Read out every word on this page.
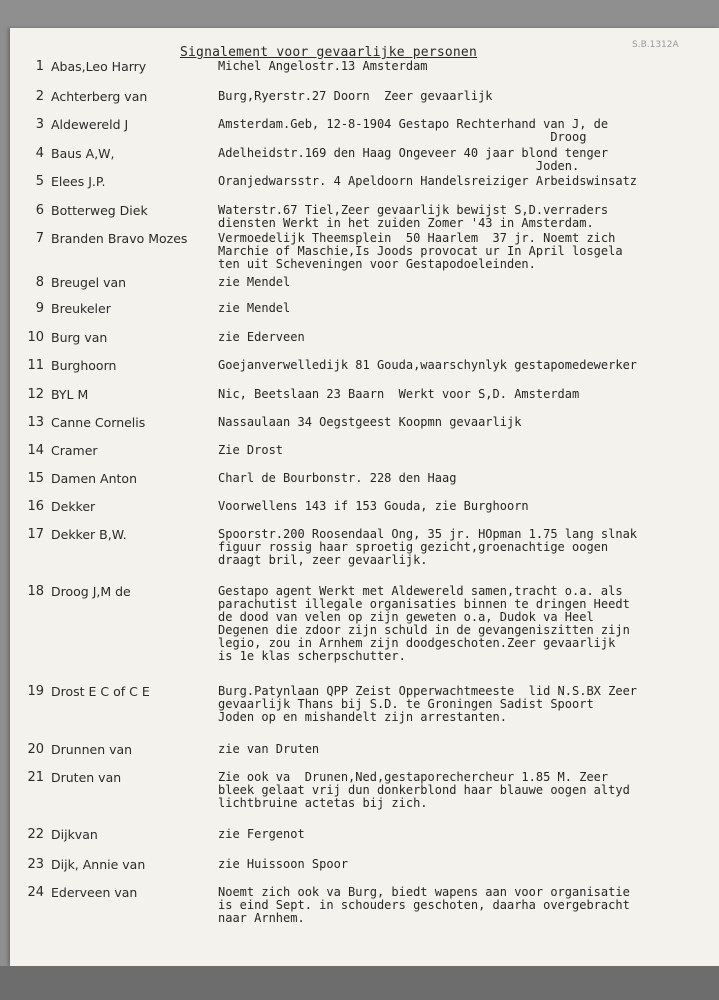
Signalement voor gevaarlijke personen	S.B.1312A
1 Abas,Leo Harry	Michel Angelostr.13 Amsterdam
2 Achterberg van	Burg,Ryerstr.27 Doorn  Zeer gevaarlijk
3 Aldewereld J	Amsterdam.Geb, 12-8-1904 Gestapo Rechterhand van J, de
Droog
4 Baus A,W,	Adelheidstr.169 den Haag Ongeveer 40 jaar blond tenger
Joden.
5 Elees J.P.	Oranjedwarsstr. 4 Apeldoorn Handelsreiziger Arbeidswinsatz
6 Botterweg Diek	Waterstr.67 Tiel,Zeer gevaarlijk bewijst S,D.verraders
diensten Werkt in het zuiden Zomer '43 in Amsterdam.
7 Branden Bravo Mozes	Vermoedelijk Theemsplein  50 Haarlem  37 jr. Noemt zich
Marchie of Maschie,Is Joods provocat ur In April losgela
ten uit Scheveningen voor Gestapodoeleinden.
8 Breugel van	zie Mendel
9 Breukeler	zie Mendel
10 Burg van	zie Ederveen
11 Burghoorn	Goejanverwelledijk 81 Gouda,waarschynlyk gestapomedewerker
12 BYL M	Nic, Beetslaan 23 Baarn  Werkt voor S,D. Amsterdam
13 Canne Cornelis	Nassaulaan 34 Oegstgeest Koopmn gevaarlijk
14 Cramer	Zie Drost
15 Damen Anton	Charl de Bourbonstr. 228 den Haag
16 Dekker	Voorwellens 143 if 153 Gouda, zie Burghoorn
17 Dekker B,W.	Spoorstr.200 Roosendaal Ong, 35 jr. HOpman 1.75 lang slnak
figuur rossig haar sproetig gezicht,groenachtige oogen
draagt bril, zeer gevaarlijk.
18 Droog J,M de	Gestapo agent Werkt met Aldewereld samen,tracht o.a. als
parachutist illegale organisaties binnen te dringen Heedt
de dood van velen op zijn geweten o.a, Dudok va Heel
Degenen die zdoor zijn schuld in de gevangeniszitten zijn
legio, zou in Arnhem zijn doodgeschoten.Zeer gevaarlijk
is 1e klas scherpschutter.
19 Drost E C of C E	Burg.Patynlaan QPP Zeist Opperwachtmeeste  lid N.S.BX Zeer
gevaarlijk Thans bij S.D. te Groningen Sadist Spoort
Joden op en mishandelt zijn arrestanten.
20 Drunnen van	zie van Druten
21 Druten van	Zie ook va  Drunen,Ned,gestaporechercheur 1.85 M. Zeer
bleek gelaat vrij dun donkerblond haar blauwe oogen altyd
lichtbruine actetas bij zich.
22 Dijkvan	zie Fergenot
23 Dijk, Annie van	zie Huissoon Spoor
24 Ederveen van	Noemt zich ook va Burg, biedt wapens aan voor organisatie
is eind Sept. in schouders geschoten, daarha overgebracht
naar Arnhem.
